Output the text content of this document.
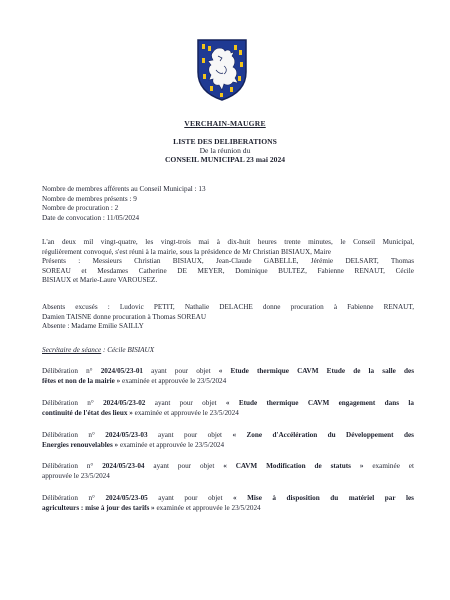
VERCHAIN-MAUGRE
LISTE DES DELIBERATIONS
De la réunion du
CONSEIL MUNICIPAL 23 mai 2024
Nombre de membres afférents au Conseil Municipal : 13
Nombre de membres présents : 9
Nombre de procuration : 2
Date de convocation : 11/05/2024
L'an deux mil vingt-quatre, les vingt-trois mai à dix-huit heures trente minutes, le Conseil Municipal,
régulièrement convoqué, s'est réuni à la mairie, sous la présidence de Mr Christian BISIAUX, Maire
Présents : Messieurs Christian BISIAUX, Jean-Claude GABELLE, Jérémie DELSART, Thomas
SOREAU et Mesdames Catherine DE MEYER, Dominique BULTEZ, Fabienne RENAUT, Cécile
BISIAUX et Marie-Laure VAROUSEZ.
Absents excusés : Ludovic PETIT, Nathalie DELACHE donne procuration à Fabienne RENAUT,
Damien TAISNE donne procuration à Thomas SOREAU
Absente : Madame Emilie SAILLY
Secrétaire de séance : Cécile BISIAUX
Délibération n° 2024/05/23-01 ayant pour objet « Etude thermique CAVM Etude de la salle des
fêtes et non de la mairie » examinée et approuvée le 23/5/2024
Délibération n° 2024/05/23-02 ayant pour objet « Etude thermique CAVM engagement dans la
continuité de l'état des lieux » examinée et approuvée le 23/5/2024
Délibération n° 2024/05/23-03 ayant pour objet « Zone d'Accélération du Développement des
Energies renouvelables » examinée et approuvée le 23/5/2024
Délibération n° 2024/05/23-04 ayant pour objet « CAVM Modification de statuts » examinée et
approuvée le 23/5/2024
Délibération n° 2024/05/23-05 ayant pour objet « Mise à disposition du matériel par les
agriculteurs : mise à jour des tarifs » examinée et approuvée le 23/5/2024
